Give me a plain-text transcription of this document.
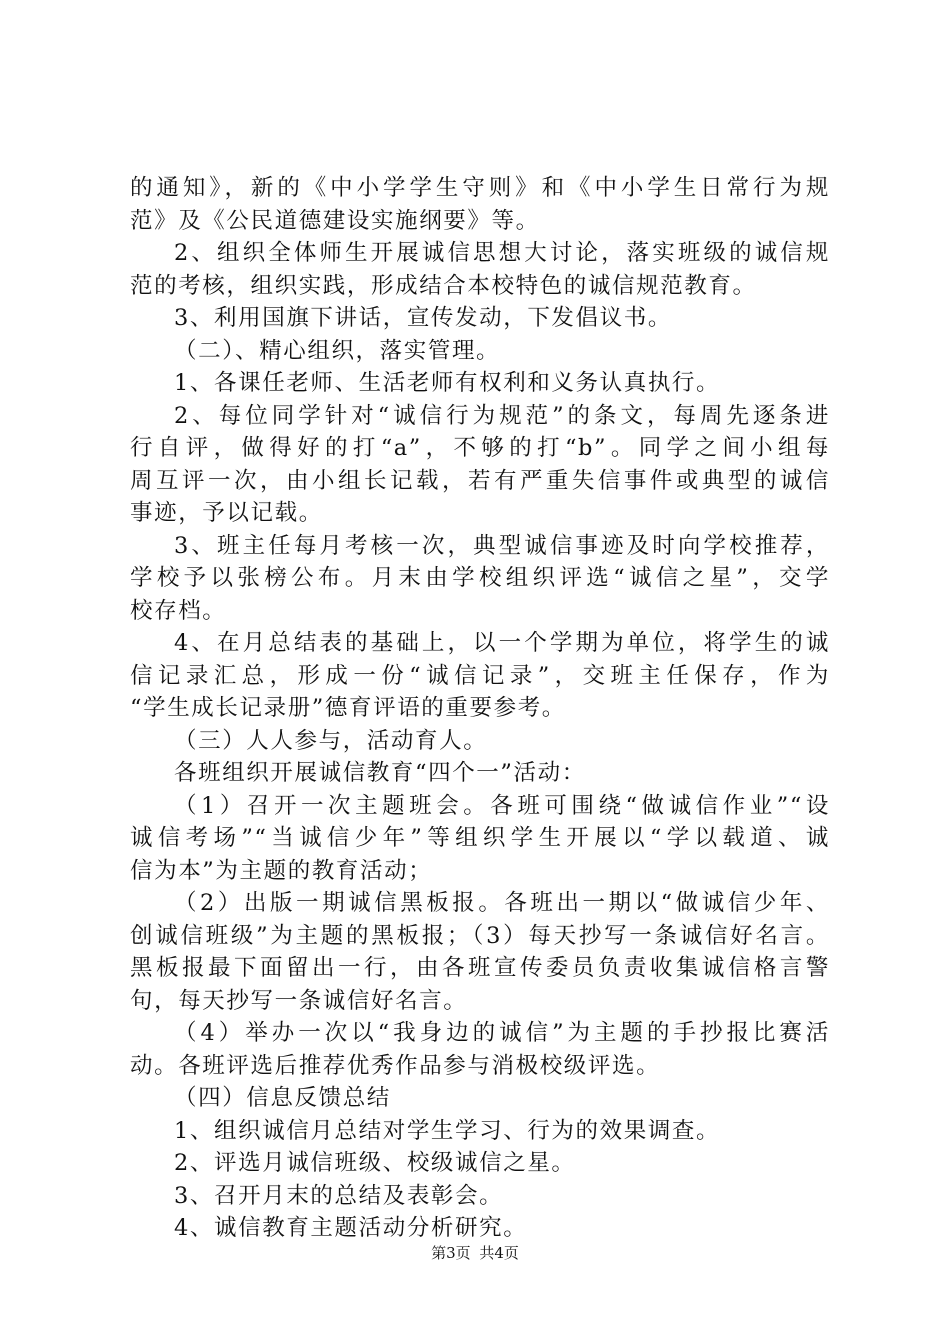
的通知》，新的《中小学学生守则》和《中小学生日常行为规
范》及《公民道德建设实施纲要》等。
2、组织全体师生开展诚信思想大讨论，落实班级的诚信规
范的考核，组织实践，形成结合本校特色的诚信规范教育。
3、利用国旗下讲话，宣传发动，下发倡议书。
（二）、精心组织，落实管理。
1、各课任老师、生活老师有权利和义务认真执行。
2、每位同学针对“诚信行为规范”的条文，每周先逐条进
行自评，做得好的打“a”，不够的打“b”。同学之间小组每
周互评一次，由小组长记载，若有严重失信事件或典型的诚信
事迹，予以记载。
3、班主任每月考核一次，典型诚信事迹及时向学校推荐，
学校予以张榜公布。月末由学校组织评选“诚信之星”，交学
校存档。
4、在月总结表的基础上，以一个学期为单位，将学生的诚
信记录汇总，形成一份“诚信记录”，交班主任保存，作为
“学生成长记录册”德育评语的重要参考。
（三）人人参与，活动育人。
各班组织开展诚信教育“四个一”活动：
（1）召开一次主题班会。各班可围绕“做诚信作业”“设
诚信考场”“当诚信少年”等组织学生开展以“学以载道、诚
信为本”为主题的教育活动；
（2）出版一期诚信黑板报。各班出一期以“做诚信少年、
创诚信班级”为主题的黑板报；（3）每天抄写一条诚信好名言。
黑板报最下面留出一行，由各班宣传委员负责收集诚信格言警
句，每天抄写一条诚信好名言。
（4）举办一次以“我身边的诚信”为主题的手抄报比赛活
动。各班评选后推荐优秀作品参与消极校级评选。
（四）信息反馈总结
1、组织诚信月总结对学生学习、行为的效果调查。
2、评选月诚信班级、校级诚信之星。
3、召开月末的总结及表彰会。
4、诚信教育主题活动分析研究。
第3页 共4页
